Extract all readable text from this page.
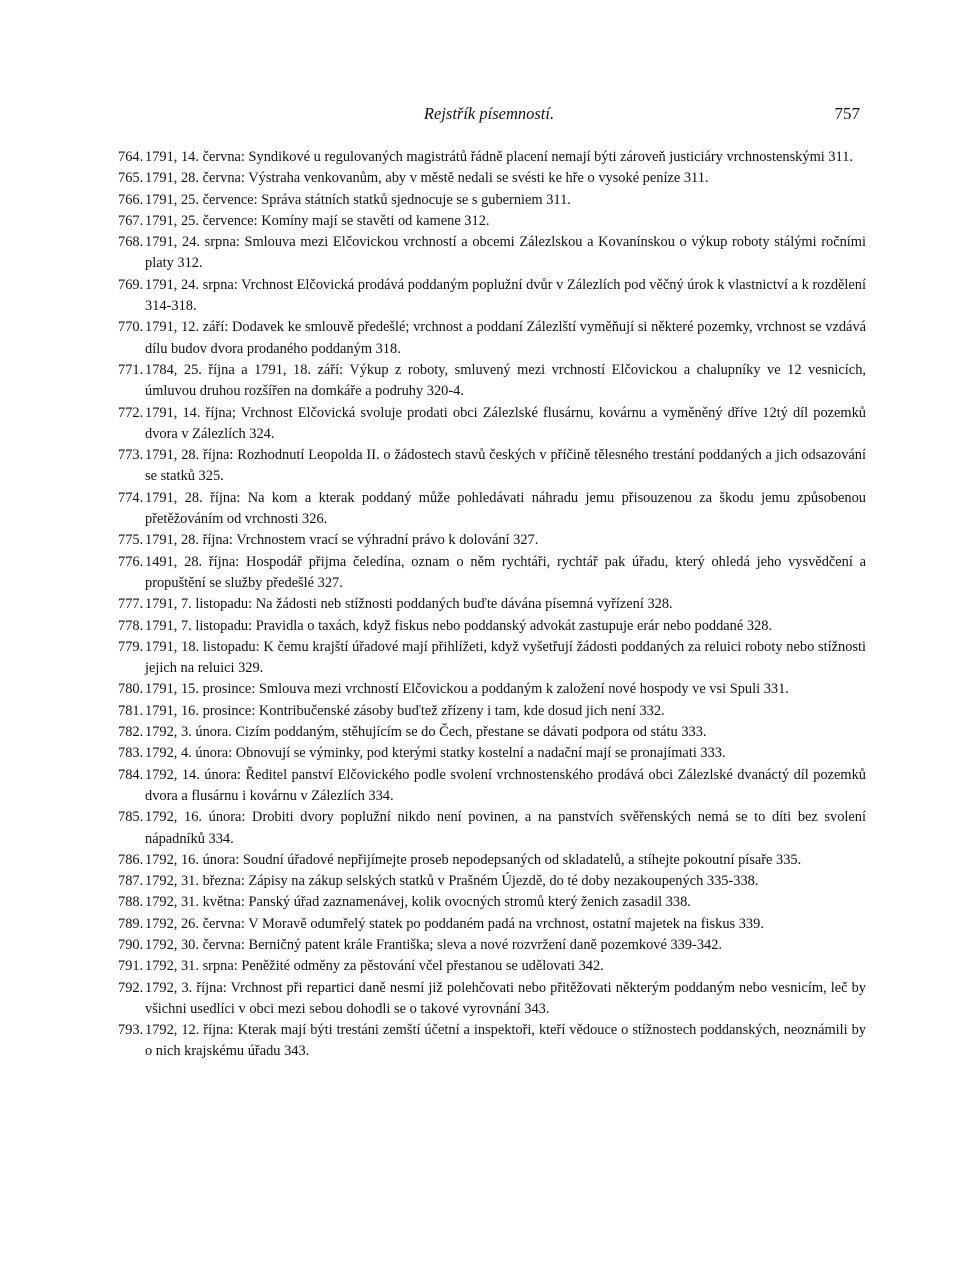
Rejstřík písemností.	757
764. 1791, 14. června: Syndikové u regulovaných magistrátů řádně placení nemají býti zároveň justiciáry vrchnostenskými 311.
765. 1791, 28. června: Výstraha venkovanům, aby v městě nedali se svésti ke hře o vysoké peníze 311.
766. 1791, 25. července: Správa státních statků sjednocuje se s guberniem 311.
767. 1791, 25. července: Komíny mají se stavěti od kamene 312.
768. 1791, 24. srpna: Smlouva mezi Elčovickou vrchností a obcemi Zálezlskou a Kovanínskou o výkup roboty stálými ročními platy 312.
769. 1791, 24. srpna: Vrchnost Elčovická prodává poddaným poplužní dvůr v Zálezlích pod věčný úrok k vlastnictví a k rozdělení 314-318.
770. 1791, 12. září: Dodavek ke smlouvě předešlé; vrchnost a poddaní Zálezlští vyměňují si některé pozemky, vrchnost se vzdává dílu budov dvora prodaného poddaným 318.
771. 1784, 25. října a 1791, 18. září: Výkup z roboty, smluvený mezi vrchností Elčovickou a chalupníky ve 12 vesnicích, úmluvou druhou rozšířen na domkáře a podruhy 320-4.
772. 1791, 14. října; Vrchnost Elčovická svoluje prodati obci Zálezlské flusárnu, kovárnu a vyměněný dříve 12tý díl pozemků dvora v Zálezlích 324.
773. 1791, 28. října: Rozhodnutí Leopolda II. o žádostech stavů českých v příčině tělesného trestání poddaných a jich odsazování se statků 325.
774. 1791, 28. října: Na kom a kterak poddaný může pohledávati náhradu jemu přisouzenou za škodu jemu způsobenou přetěžováním od vrchnosti 326.
775. 1791, 28. října: Vrchnostem vrací se výhradní právo k dolování 327.
776. 1491, 28. října: Hospodář přijma čeledína, oznam o něm rychtáři, rychtář pak úřadu, který ohledá jeho vysvědčení a propuštění se služby předešlé 327.
777. 1791, 7. listopadu: Na žádosti neb stížnosti poddaných buďte dávána písemná vyřízení 328.
778. 1791, 7. listopadu: Pravidla o taxách, když fiskus nebo poddanský advokát zastupuje erár nebo poddané 328.
779. 1791, 18. listopadu: K čemu krajští úřadové mají přihlížeti, když vyšetřují žádosti poddaných za reluici roboty nebo stížnosti jejich na reluici 329.
780. 1791, 15. prosince: Smlouva mezi vrchností Elčovickou a poddaným k založení nové hospody ve vsi Spuli 331.
781. 1791, 16. prosince: Kontribučenské zásoby buďtež zřízeny i tam, kde dosud jich není 332.
782. 1792, 3. února. Cizím poddaným, stěhujícím se do Čech, přestane se dávati podpora od státu 333.
783. 1792, 4. února: Obnovují se výminky, pod kterými statky kostelní a nadační mají se pronajímati 333.
784. 1792, 14. února: Ředitel panství Elčovického podle svolení vrchnostenského prodává obci Zálezlské dvanáctý díl pozemků dvora a flusárnu i kovárnu v Zálezlích 334.
785. 1792, 16. února: Drobiti dvory poplužní nikdo není povinen, a na panstvích svěřenských nemá se to díti bez svolení nápadníků 334.
786. 1792, 16. února: Soudní úřadové nepřijímejte proseb nepodepsaných od skladatelů, a stíhejte pokoutní písaře 335.
787. 1792, 31. března: Zápisy na zákup selských statků v Prašném Újezdě, do té doby nezakoupených 335-338.
788. 1792, 31. května: Panský úřad zaznamenávej, kolik ovocných stromů který ženich zasadil 338.
789. 1792, 26. června: V Moravě odumřelý statek po poddaném padá na vrchnost, ostatní majetek na fiskus 339.
790. 1792, 30. června: Berničný patent krále Františka; sleva a nové rozvržení daně pozemkové 339-342.
791. 1792, 31. srpna: Peněžité odměny za pěstování včel přestanou se udělovati 342.
792. 1792, 3. října: Vrchnost při repartici daně nesmí již polehčovati nebo přitěžovati některým poddaným nebo vesnicím, leč by všichni usedlíci v obci mezi sebou dohodli se o takové vyrovnání 343.
793. 1792, 12. října: Kterak mají býti trestáni zemští účetní a inspektoři, kteří vědouce o stížnostech poddanských, neoznámili by o nich krajskému úřadu 343.
